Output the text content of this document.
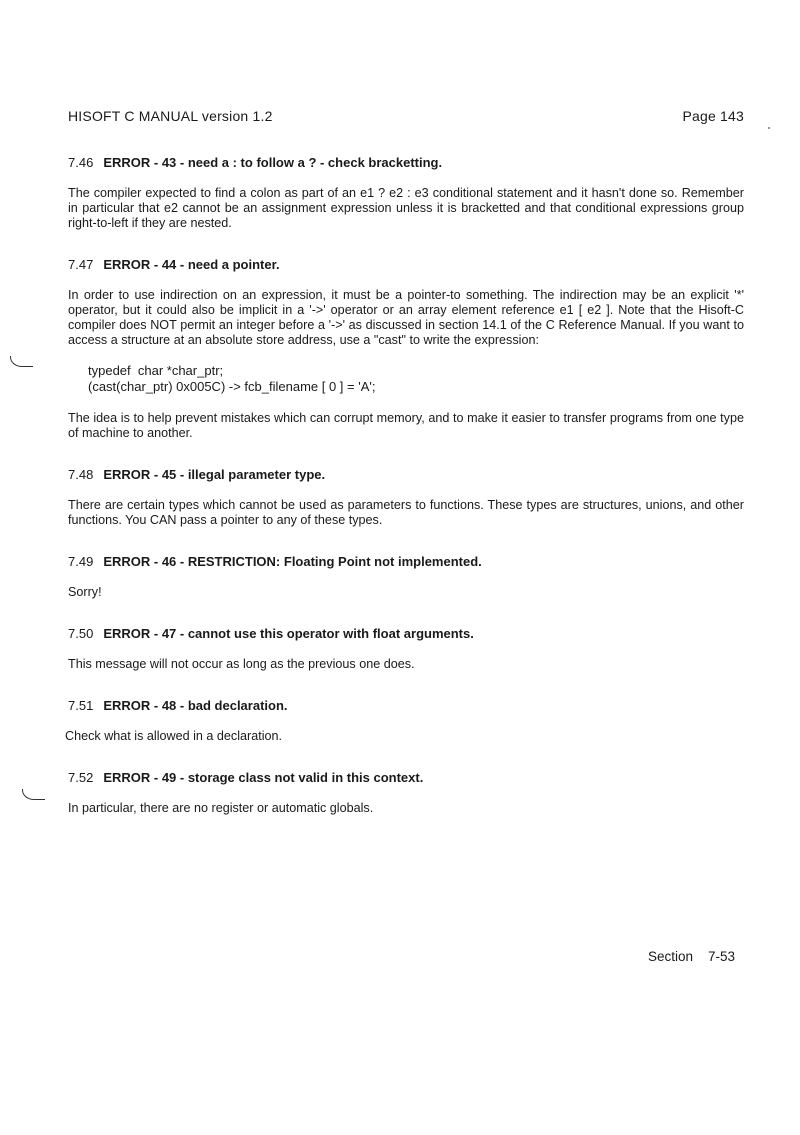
HISOFT C MANUAL version 1.2	Page 143
7.46 ERROR - 43 - need a : to follow a ? - check bracketting.
The compiler expected to find a colon as part of an e1 ? e2 : e3 conditional statement and it hasn't done so. Remember in particular that e2 cannot be an assignment expression unless it is bracketted and that conditional expressions group right-to-left if they are nested.
7.47 ERROR - 44 - need a pointer.
In order to use indirection on an expression, it must be a pointer-to something. The indirection may be an explicit '*' operator, but it could also be implicit in a '->' operator or an array element reference e1 [ e2 ]. Note that the Hisoft-C compiler does NOT permit an integer before a '->' as discussed in section 14.1 of the C Reference Manual. If you want to access a structure at an absolute store address, use a "cast" to write the expression:
typedef  char *char_ptr;
(cast(char_ptr) 0x005C) -> fcb_filename [ 0 ] = 'A';
The idea is to help prevent mistakes which can corrupt memory, and to make it easier to transfer programs from one type of machine to another.
7.48 ERROR - 45 - illegal parameter type.
There are certain types which cannot be used as parameters to functions. These types are structures, unions, and other functions. You CAN pass a pointer to any of these types.
7.49 ERROR - 46 - RESTRICTION: Floating Point not implemented.
Sorry!
7.50 ERROR - 47 - cannot use this operator with float arguments.
This message will not occur as long as the previous one does.
7.51 ERROR - 48 - bad declaration.
Check what is allowed in a declaration.
7.52 ERROR - 49 - storage class not valid in this context.
In particular, there are no register or automatic globals.
Section 7-53
